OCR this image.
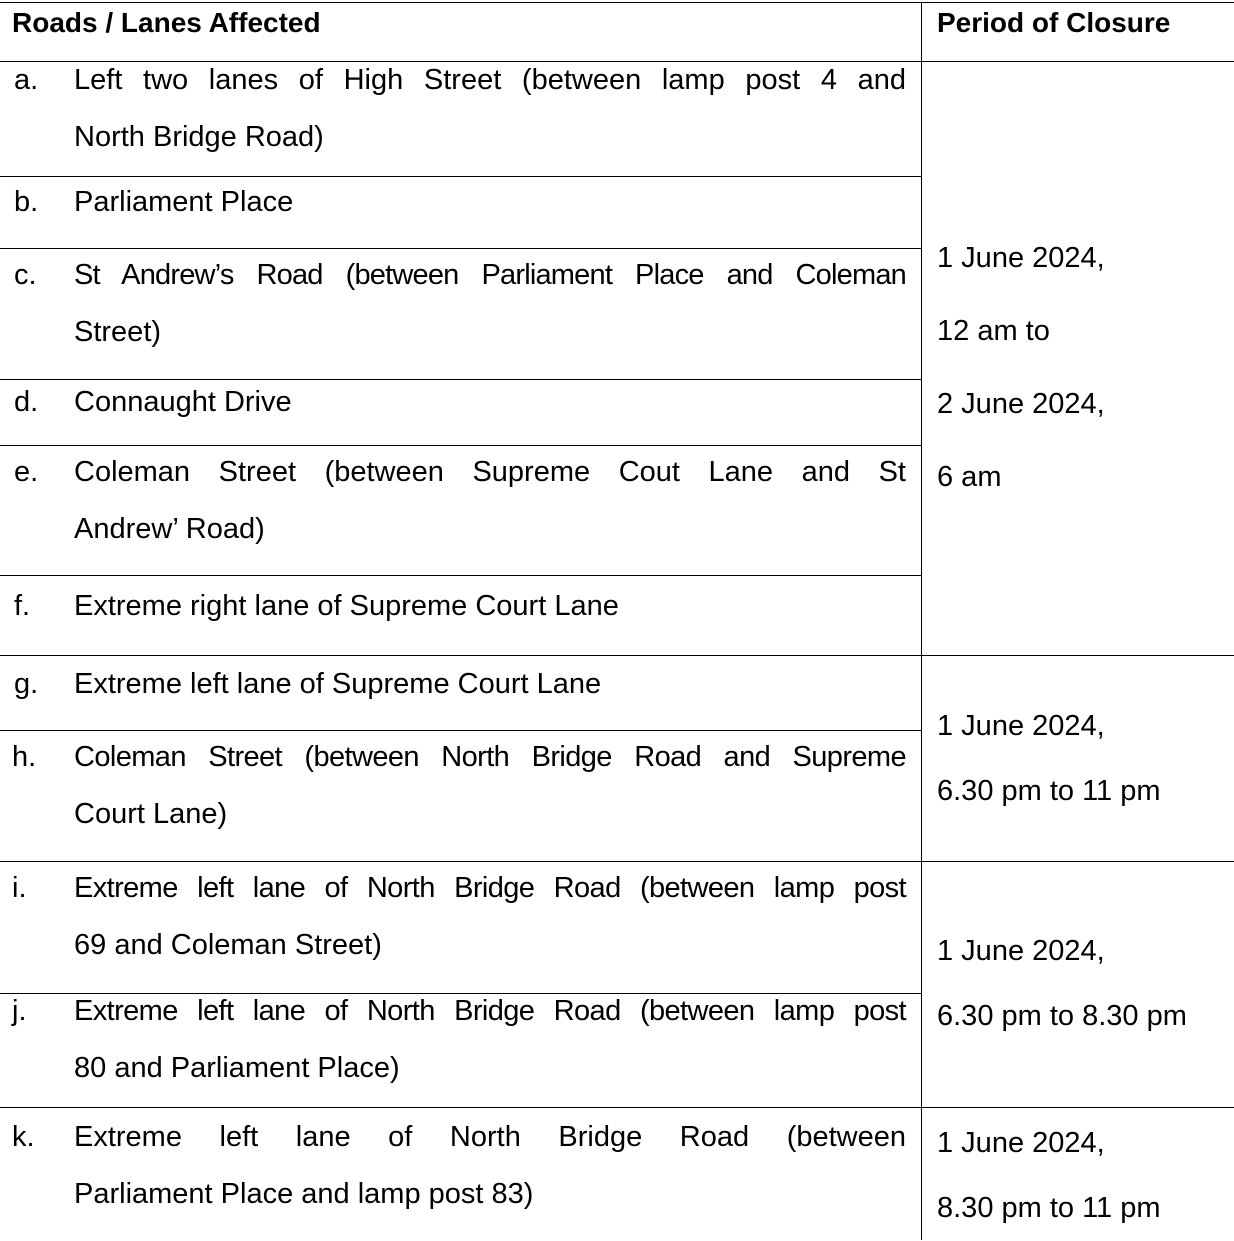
Roads / Lanes Affected	Period of Closure
a. Left two lanes of High Street (between lamp post 4 and
North Bridge Road)
b. Parliament Place
c. St Andrew’s Road (between Parliament Place and Coleman
Street)
d. Connaught Drive
e. Coleman Street (between Supreme Cout Lane and St
Andrew’ Road)
f. Extreme right lane of Supreme Court Lane
g. Extreme left lane of Supreme Court Lane
h. Coleman Street (between North Bridge Road and Supreme
Court Lane)
i. Extreme left lane of North Bridge Road (between lamp post
69 and Coleman Street)
j. Extreme left lane of North Bridge Road (between lamp post
80 and Parliament Place)
k. Extreme left lane of North Bridge Road (between
Parliament Place and lamp post 83)
1 June 2024,
12 am to
2 June 2024,
6 am
1 June 2024,
6.30 pm to 11 pm
1 June 2024,
6.30 pm to 8.30 pm
1 June 2024,
8.30 pm to 11 pm
